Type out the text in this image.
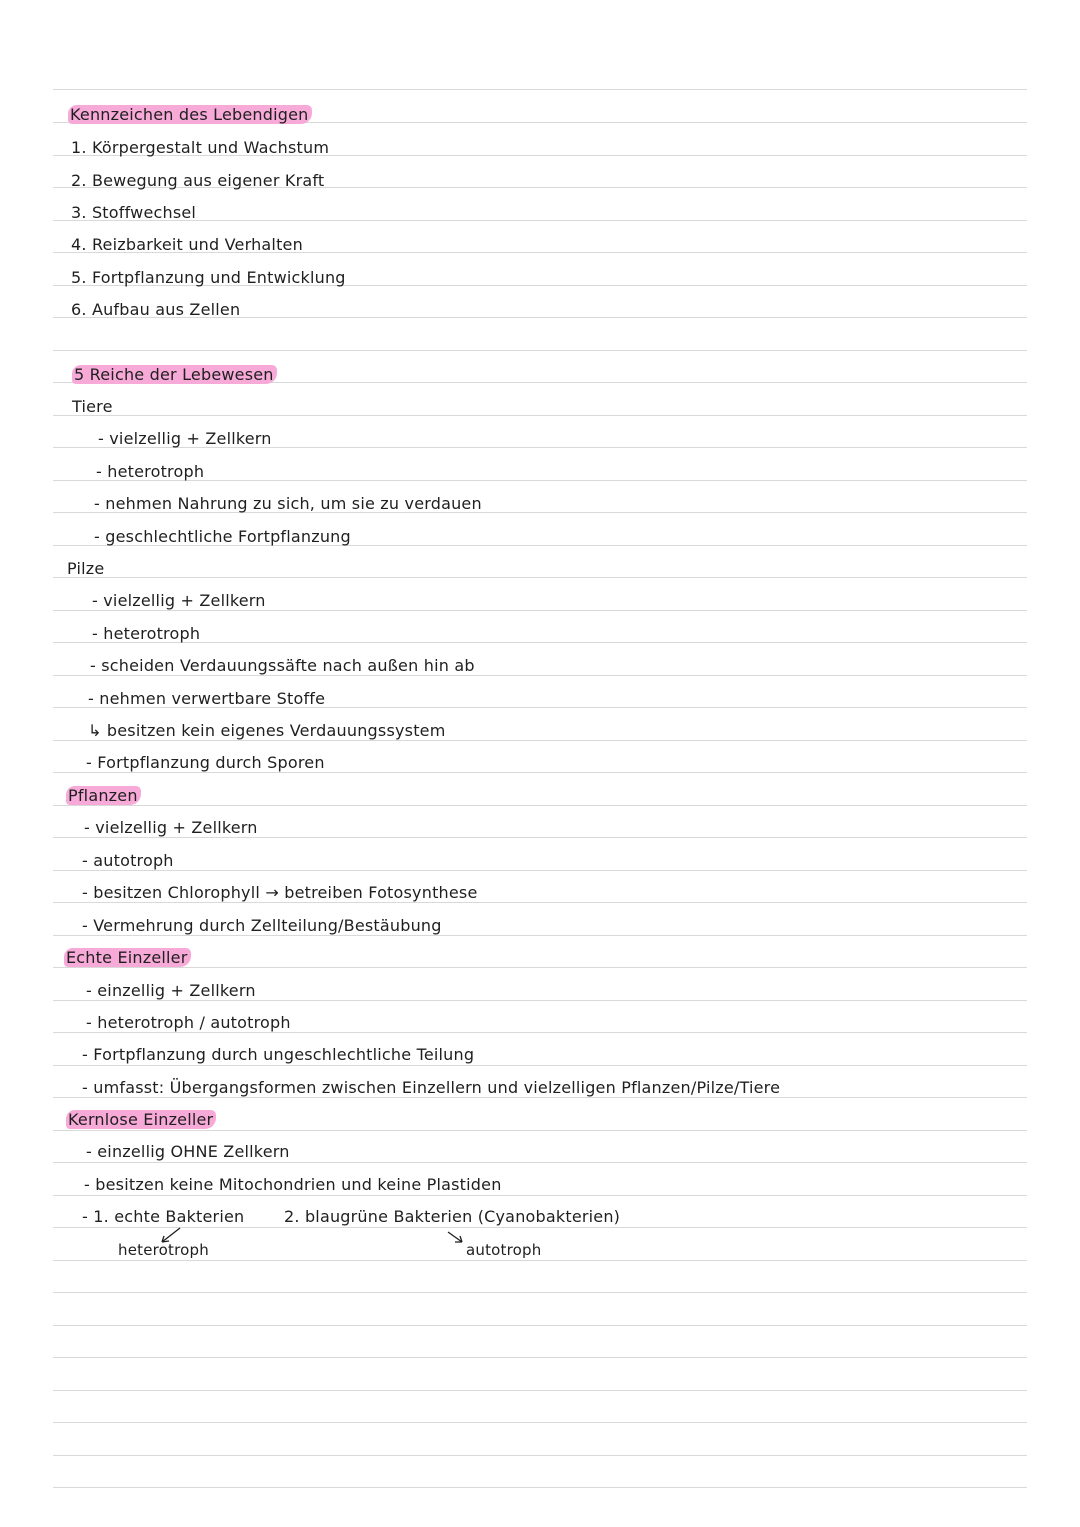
Kennzeichen des Lebendigen
1. Körpergestalt und Wachstum
2. Bewegung aus eigener Kraft
3. Stoffwechsel
4. Reizbarkeit und Verhalten
5. Fortpflanzung und Entwicklung
6. Aufbau aus Zellen
5 Reiche der Lebewesen
Tiere
- vielzellig + Zellkern
- heterotroph
- nehmen Nahrung zu sich, um sie zu verdauen
- geschlechtliche Fortpflanzung
Pilze
- vielzellig + Zellkern
- heterotroph
- scheiden Verdauungssäfte nach außen hin ab
- nehmen verwertbare Stoffe
↳ besitzen kein eigenes Verdauungssystem
- Fortpflanzung durch Sporen
Pflanzen
- vielzellig + Zellkern
- autotroph
- besitzen Chlorophyll → betreiben Fotosynthese
- Vermehrung durch Zellteilung/Bestäubung
Echte Einzeller
- einzellig + Zellkern
- heterotroph / autotroph
- Fortpflanzung durch ungeschlechtliche Teilung
- umfasst: Übergangsformen zwischen Einzellern und vielzelligen Pflanzen/Pilze/Tiere
Kernlose Einzeller
- einzellig OHNE Zellkern
- besitzen keine Mitochondrien und keine Plastiden
- 1. echte Bakterien 2. blaugrüne Bakterien (Cyanobakterien)
heterotroph	autotroph
